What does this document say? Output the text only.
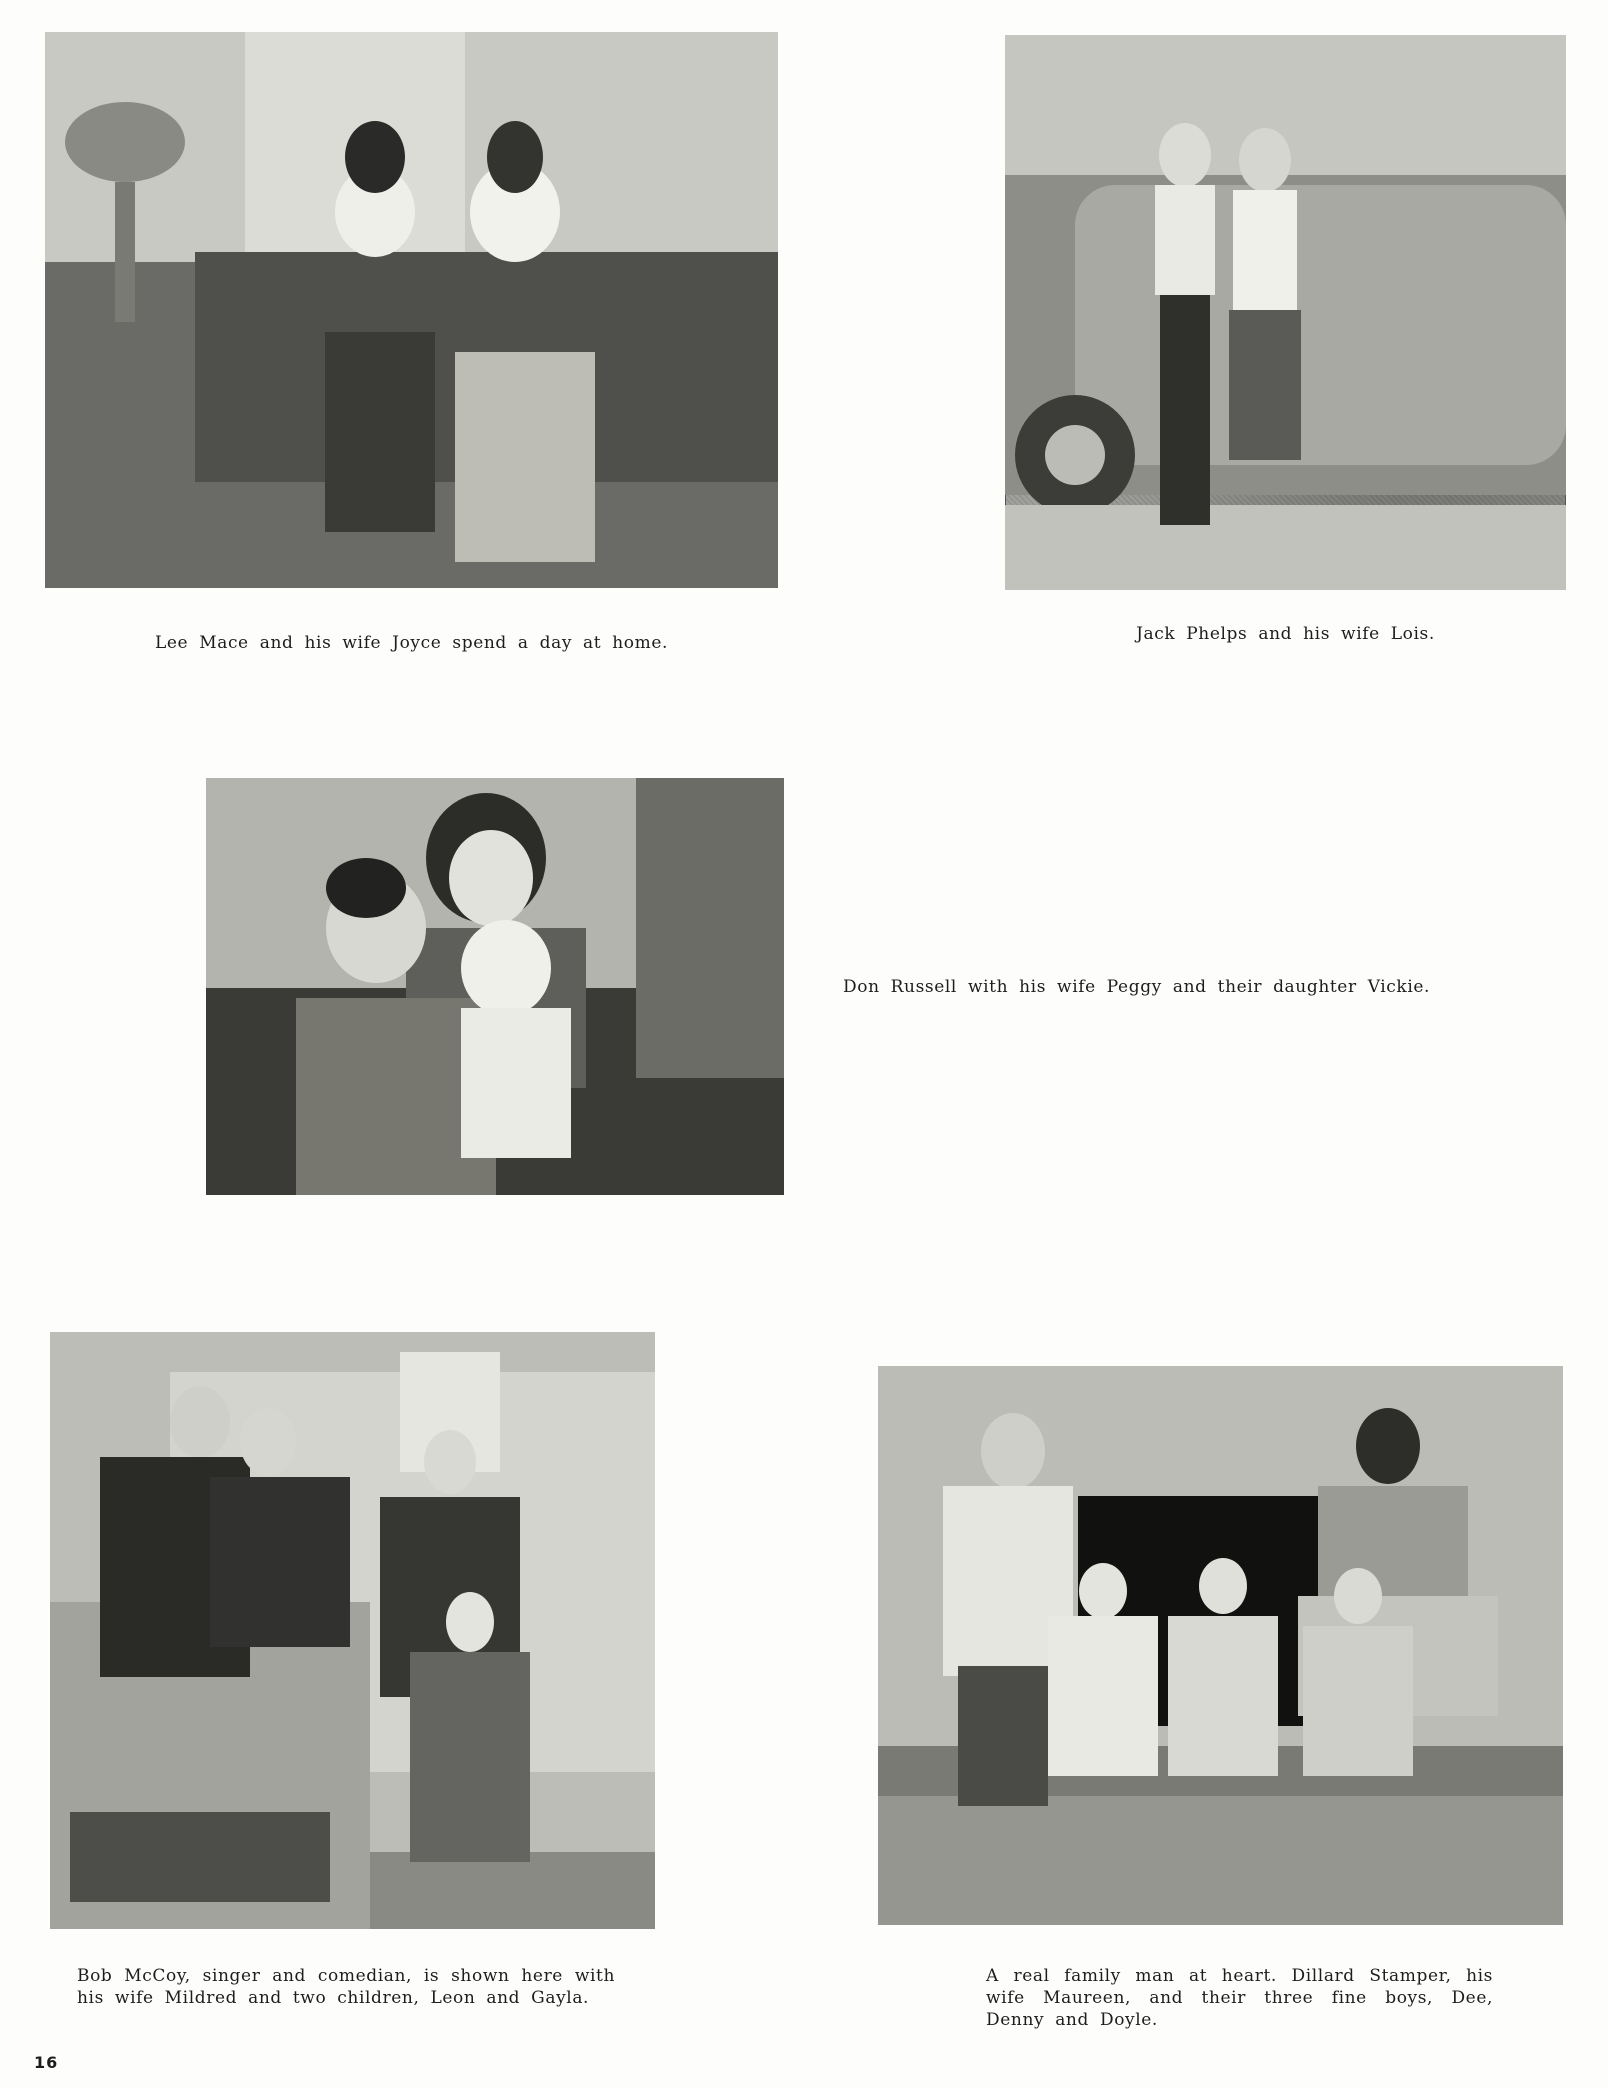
Lee Mace and his wife Joyce spend a day at home.	Jack Phelps and his wife Lois.

Don Russell with his wife Peggy and their daughter Vickie.

Bob McCoy, singer and comedian, is shown here with his wife Mildred and two children, Leon and Gayla.

A real family man at heart. Dillard Stamper, his wife Maureen, and their three fine boys, Dee, Denny and Doyle.

16
